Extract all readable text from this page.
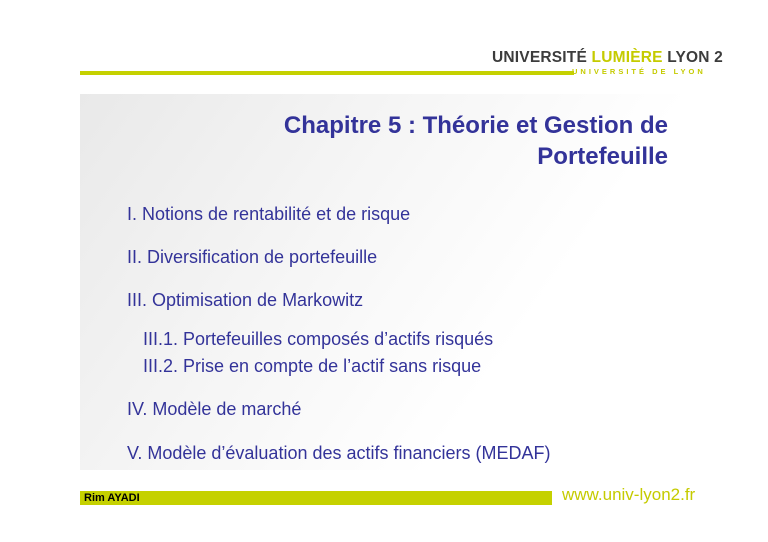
UNIVERSITÉ LUMIÈRE LYON 2
UNIVERSITÉ DE LYON
Chapitre 5 : Théorie et Gestion de
Portefeuille
I. Notions de rentabilité et de risque
II. Diversification de portefeuille
III. Optimisation de Markowitz
III.1. Portefeuilles composés d’actifs risqués
III.2. Prise en compte de l’actif sans risque
IV. Modèle de marché
V. Modèle d’évaluation des actifs financiers (MEDAF)
Rim AYADI	www.univ-lyon2.fr
